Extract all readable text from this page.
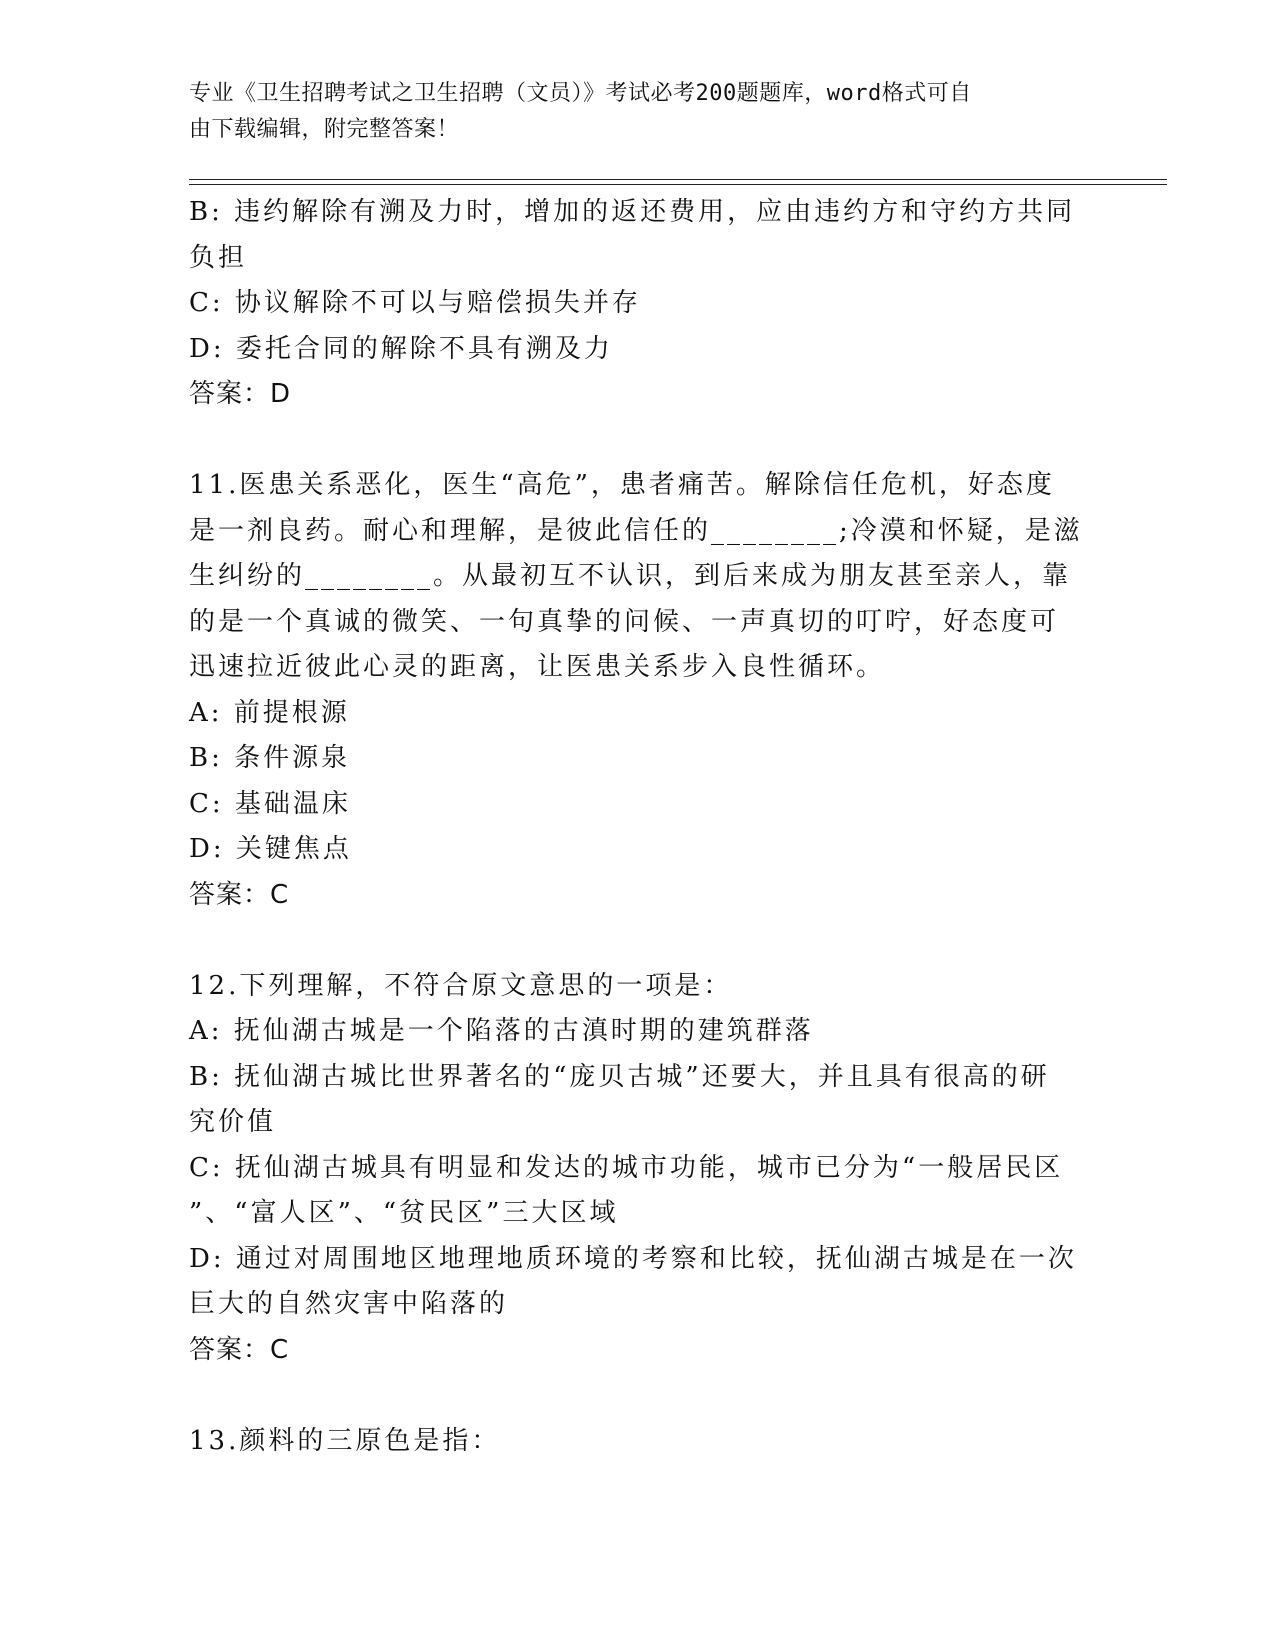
专业《卫生招聘考试之卫生招聘（文员）》考试必考200题题库，word格式可自
由下载编辑，附完整答案！
B: 违约解除有溯及力时，增加的返还费用，应由违约方和守约方共同
负担
C: 协议解除不可以与赔偿损失并存
D: 委托合同的解除不具有溯及力
答案：D
11.医患关系恶化，医生“高危”，患者痛苦。解除信任危机，好态度
是一剂良药。耐心和理解，是彼此信任的________;冷漠和怀疑，是滋
生纠纷的________。从最初互不认识，到后来成为朋友甚至亲人，靠
的是一个真诚的微笑、一句真挚的问候、一声真切的叮咛，好态度可
迅速拉近彼此心灵的距离，让医患关系步入良性循环。
A: 前提根源
B: 条件源泉
C: 基础温床
D: 关键焦点
答案：C
12.下列理解，不符合原文意思的一项是：
A: 抚仙湖古城是一个陷落的古滇时期的建筑群落
B: 抚仙湖古城比世界著名的“庞贝古城”还要大，并且具有很高的研
究价值
C: 抚仙湖古城具有明显和发达的城市功能，城市已分为“一般居民区
”、“富人区”、“贫民区”三大区域
D: 通过对周围地区地理地质环境的考察和比较，抚仙湖古城是在一次
巨大的自然灾害中陷落的
答案：C
13.颜料的三原色是指：
